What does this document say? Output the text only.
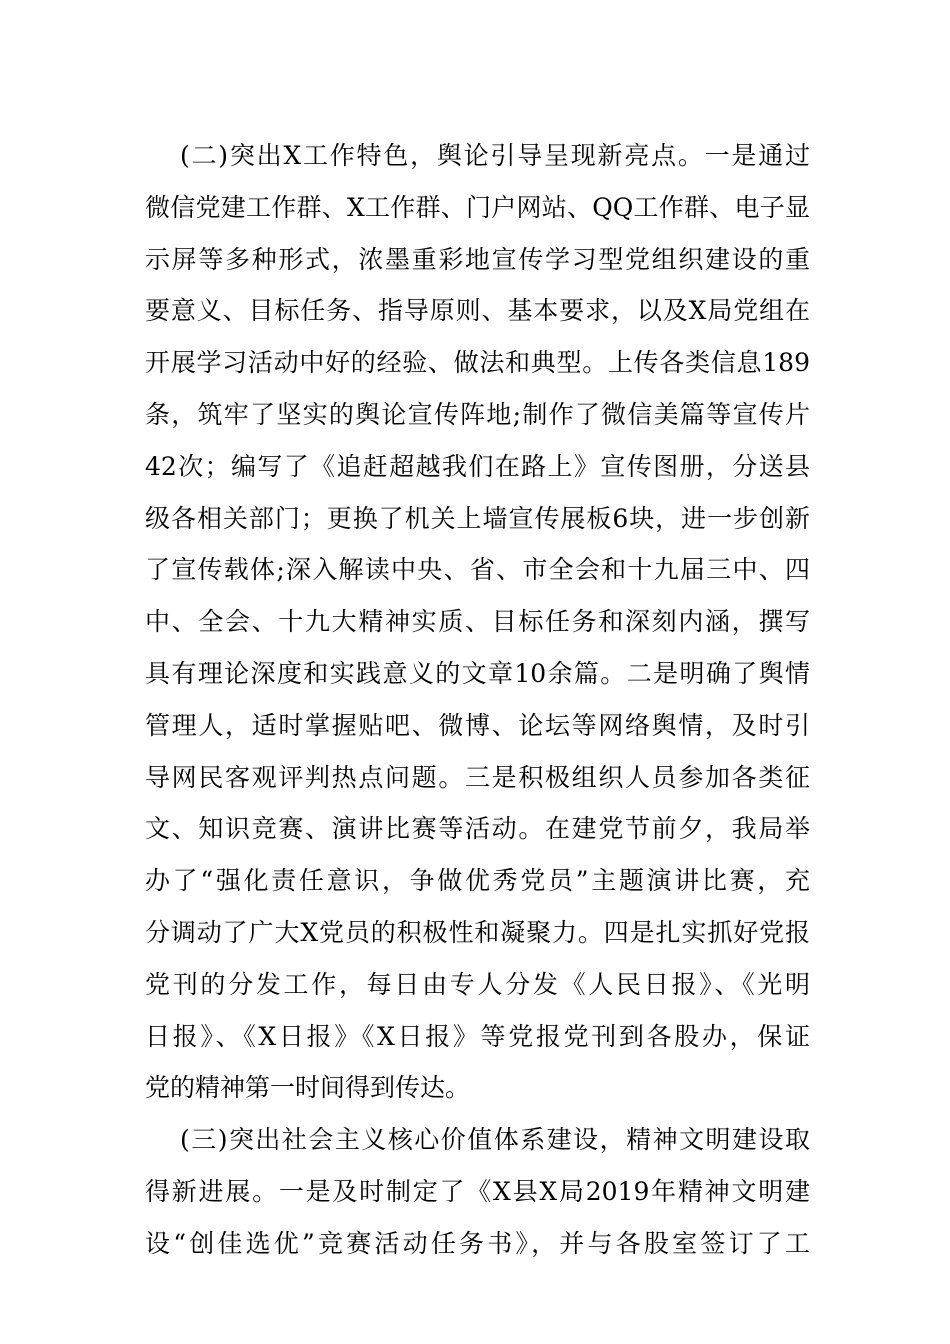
(二)突出X工作特色，舆论引导呈现新亮点。一是通过
微信党建工作群、X工作群、门户网站、QQ工作群、电子显
示屏等多种形式，浓墨重彩地宣传学习型党组织建设的重
要意义、目标任务、指导原则、基本要求，以及X局党组在
开展学习活动中好的经验、做法和典型。上传各类信息189
条，筑牢了坚实的舆论宣传阵地;制作了微信美篇等宣传片
42次；编写了《追赶超越我们在路上》宣传图册，分送县
级各相关部门；更换了机关上墙宣传展板6块，进一步创新
了宣传载体;深入解读中央、省、市全会和十九届三中、四
中、全会、十九大精神实质、目标任务和深刻内涵，撰写
具有理论深度和实践意义的文章10余篇。二是明确了舆情
管理人，适时掌握贴吧、微博、论坛等网络舆情，及时引
导网民客观评判热点问题。三是积极组织人员参加各类征
文、知识竞赛、演讲比赛等活动。在建党节前夕，我局举
办了“强化责任意识，争做优秀党员”主题演讲比赛，充
分调动了广大X党员的积极性和凝聚力。四是扎实抓好党报
党刊的分发工作，每日由专人分发《人民日报》、《光明
日报》、《X日报》《X日报》等党报党刊到各股办，保证
党的精神第一时间得到传达。
(三)突出社会主义核心价值体系建设，精神文明建设取
得新进展。一是及时制定了《X县X局2019年精神文明建
设“创佳选优”竞赛活动任务书》，并与各股室签订了工
